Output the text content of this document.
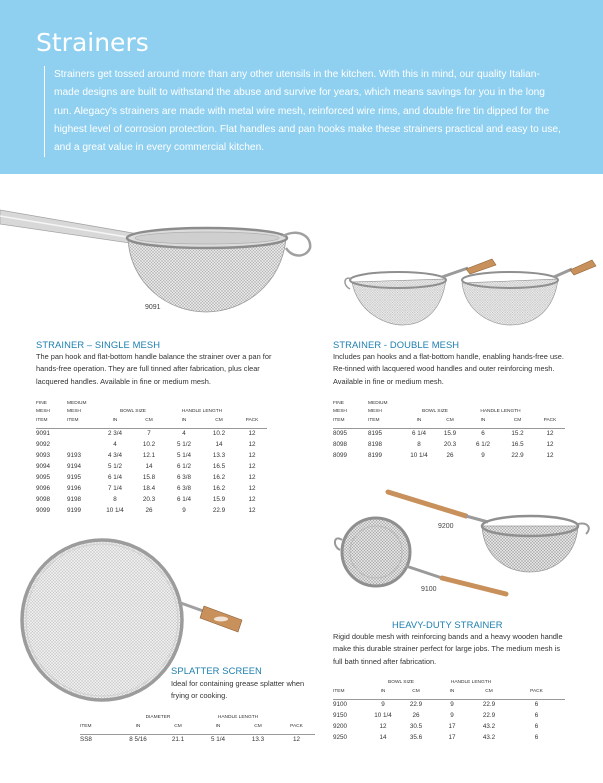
Strainers

Strainers get tossed around more than any other utensils in the kitchen. With this in mind, our quality Italian-made designs are built to withstand the abuse and survive for years, which means savings for you in the long run. Alegacy's strainers are made with metal wire mesh, reinforced wire rims, and double fire tin dipped for the highest level of corrosion protection. Flat handles and pan hooks make these strainers practical and easy to use, and a great value in every commercial kitchen.

9091
STRAINER – SINGLE MESH
The pan hook and flat-bottom handle balance the strainer over a pan for hands-free operation. They are full tinned after fabrication, plus clear lacquered handles. Available in fine or medium mesh.
FINE	MEDIUM					
MESH	MESH	BOWL SIZE		HANDLE LENGTH		
ITEM	ITEM	IN	CM	IN	CM	PACK
9091		2 3/4	7	4	10.2	12
9092		4	10.2	5 1/2	14	12
9093	9193	4 3/4	12.1	5 1/4	13.3	12
9094	9194	5 1/2	14	6 1/2	16.5	12
9095	9195	6 1/4	15.8	6 3/8	16.2	12
9096	9196	7 1/4	18.4	6 3/8	16.2	12
9098	9198	8	20.3	6 1/4	15.9	12
9099	9199	10 1/4	26	9	22.9	12
STRAINER - DOUBLE MESH
Includes pan hooks and a flat-bottom handle, enabling hands-free use. Re-tinned with lacquered wood handles and outer reinforcing mesh. Available in fine or medium mesh.
FINE	MEDIUM					
MESH	MESH	BOWL SIZE		HANDLE LENGTH		
ITEM	ITEM	IN	CM	IN	CM	PACK
8095	8195	6 1/4	15.9	6	15.2	12
8098	8198	8	20.3	6 1/2	16.5	12
8099	8199	10 1/4	26	9	22.9	12
9200
9100
HEAVY-DUTY STRAINER
Rigid double mesh with reinforcing bands and a heavy wooden handle make this durable strainer perfect for large jobs. The medium mesh is full bath tinned after fabrication.
	BOWL SIZE		HANDLE LENGTH		
ITEM	IN	CM	IN	CM	PACK
9100	9	22.9	9	22.9	6
9150	10 1/4	26	9	22.9	6
9200	12	30.5	17	43.2	6
9250	14	35.6	17	43.2	6
SPLATTER SCREEN
Ideal for containing grease splatter when frying or cooking.
	DIAMETER		HANDLE LENGTH		
ITEM	IN	CM	IN	CM	PACK
SS8	8 5/16	21.1	5 1/4	13.3	12
